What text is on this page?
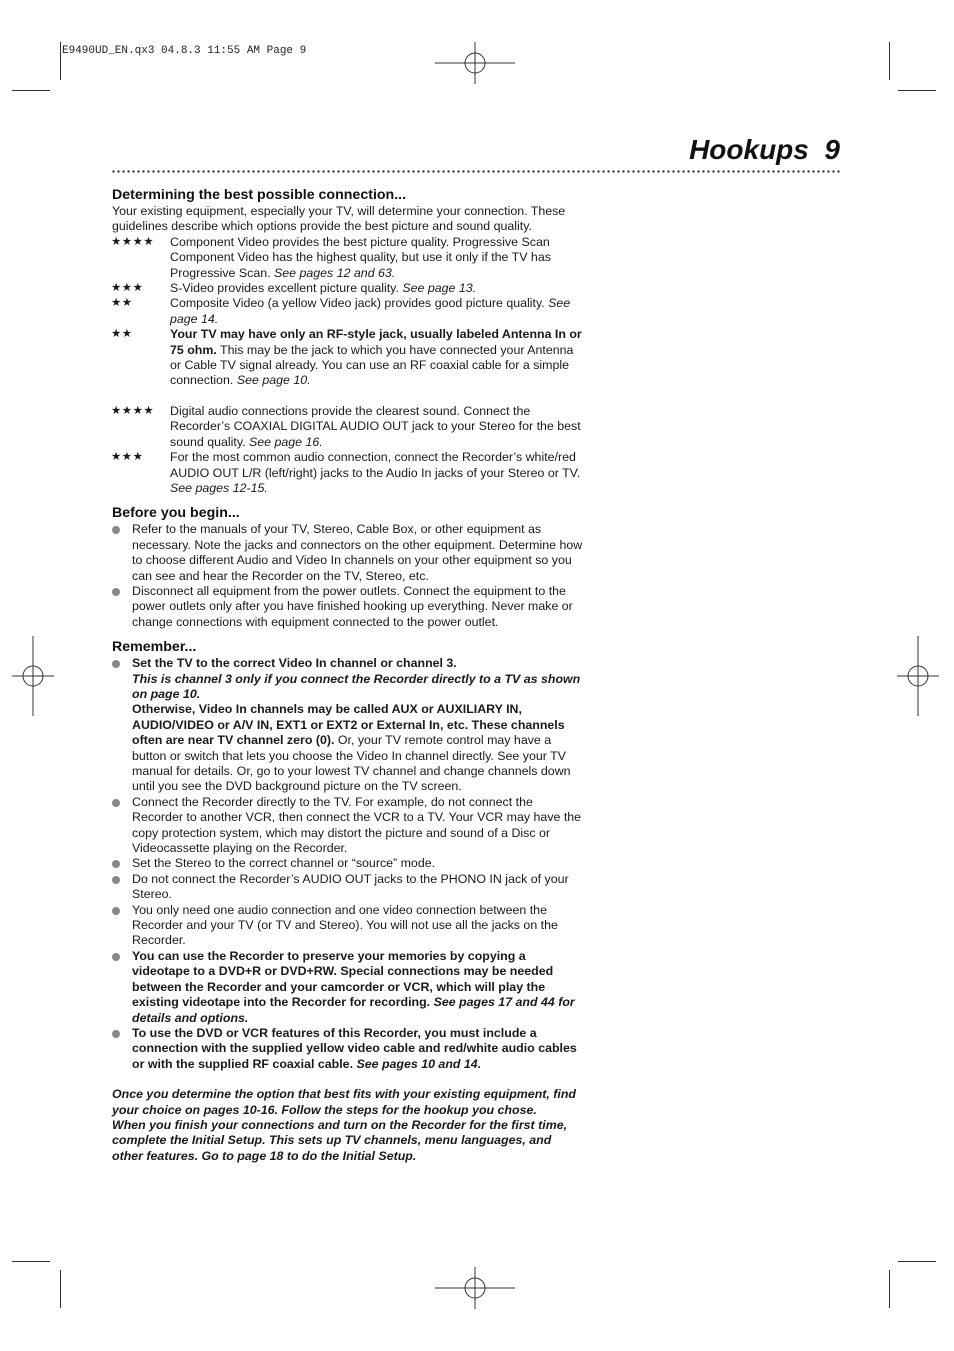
E9490UD_EN.qx3 04.8.3 11:55 AM Page 9
Hookups 9
Determining the best possible connection...

Your existing equipment, especially your TV, will determine your connection. These guidelines describe which options provide the best picture and sound quality.

★★★★	Component Video provides the best picture quality. Progressive Scan Component Video has the highest quality, but use it only if the TV has Progressive Scan. See pages 12 and 63.
★★★	S-Video provides excellent picture quality. See page 13.
★★	Composite Video (a yellow Video jack) provides good picture quality. See page 14.
★★	Your TV may have only an RF-style jack, usually labeled Antenna In or 75 ohm. This may be the jack to which you have connected your Antenna or Cable TV signal already. You can use an RF coaxial cable for a simple connection. See page 10.
★★★★	Digital audio connections provide the clearest sound. Connect the Recorder’s COAXIAL DIGITAL AUDIO OUT jack to your Stereo for the best sound quality. See page 16.
★★★	For the most common audio connection, connect the Recorder’s white/red AUDIO OUT L/R (left/right) jacks to the Audio In jacks of your Stereo or TV. See pages 12-15.
Before you begin...
Refer to the manuals of your TV, Stereo, Cable Box, or other equipment as necessary. Note the jacks and connectors on the other equipment. Determine how to choose different Audio and Video In channels on your other equipment so you can see and hear the Recorder on the TV, Stereo, etc.
Disconnect all equipment from the power outlets. Connect the equipment to the power outlets only after you have finished hooking up everything. Never make or change connections with equipment connected to the power outlet.
Remember...
Set the TV to the correct Video In channel or channel 3.
This is channel 3 only if you connect the Recorder directly to a TV as shown on page 10.
Otherwise, Video In channels may be called AUX or AUXILIARY IN, AUDIO/VIDEO or A/V IN, EXT1 or EXT2 or External In, etc. These channels often are near TV channel zero (0). Or, your TV remote control may have a button or switch that lets you choose the Video In channel directly. See your TV manual for details. Or, go to your lowest TV channel and change channels down until you see the DVD background picture on the TV screen.
Connect the Recorder directly to the TV. For example, do not connect the Recorder to another VCR, then connect the VCR to a TV. Your VCR may have the copy protection system, which may distort the picture and sound of a Disc or Videocassette playing on the Recorder.
Set the Stereo to the correct channel or “source” mode.
Do not connect the Recorder’s AUDIO OUT jacks to the PHONO IN jack of your Stereo.
You only need one audio connection and one video connection between the Recorder and your TV (or TV and Stereo). You will not use all the jacks on the Recorder.
You can use the Recorder to preserve your memories by copying a videotape to a DVD+R or DVD+RW. Special connections may be needed between the Recorder and your camcorder or VCR, which will play the existing videotape into the Recorder for recording. See pages 17 and 44 for details and options.
To use the DVD or VCR features of this Recorder, you must include a connection with the supplied yellow video cable and red/white audio cables or with the supplied RF coaxial cable. See pages 10 and 14.

Once you determine the option that best fits with your existing equipment, find your choice on pages 10-16. Follow the steps for the hookup you chose.

When you finish your connections and turn on the Recorder for the first time, complete the Initial Setup. This sets up TV channels, menu languages, and other features. Go to page 18 to do the Initial Setup.
